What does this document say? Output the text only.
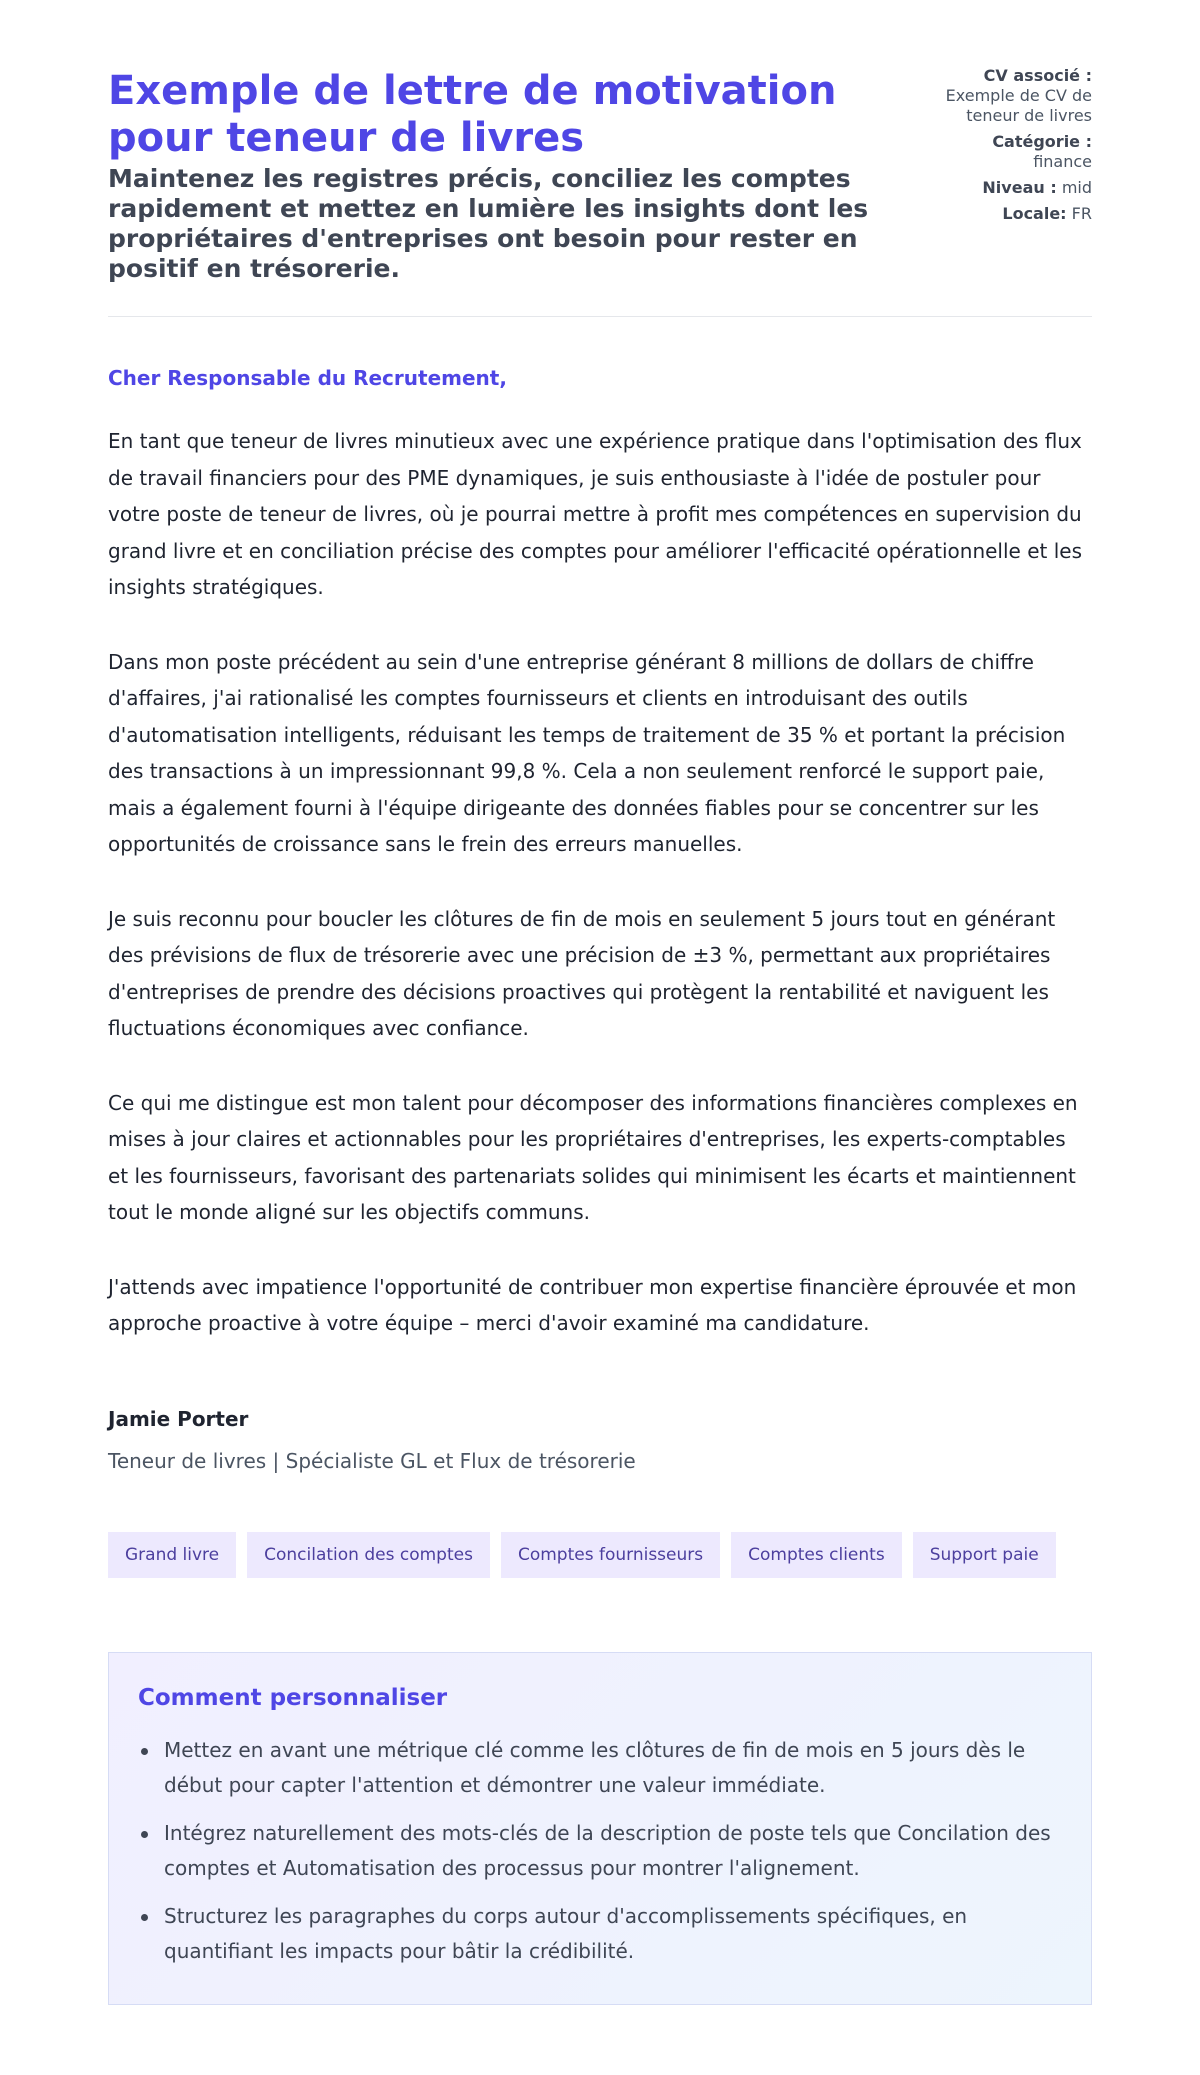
Exemple de lettre de motivation pour teneur de livres
Maintenez les registres précis, conciliez les comptes rapidement et mettez en lumière les insights dont les propriétaires d'entreprises ont besoin pour rester en positif en trésorerie.
CV associé :
Exemple de CV de teneur de livres
Catégorie :
finance
Niveau : mid
Locale: FR

Cher Responsable du Recrutement,

En tant que teneur de livres minutieux avec une expérience pratique dans l'optimisation des flux de travail financiers pour des PME dynamiques, je suis enthousiaste à l'idée de postuler pour votre poste de teneur de livres, où je pourrai mettre à profit mes compétences en supervision du grand livre et en conciliation précise des comptes pour améliorer l'efficacité opérationnelle et les insights stratégiques.

Dans mon poste précédent au sein d'une entreprise générant 8 millions de dollars de chiffre d'affaires, j'ai rationalisé les comptes fournisseurs et clients en introduisant des outils d'automatisation intelligents, réduisant les temps de traitement de 35 % et portant la précision des transactions à un impressionnant 99,8 %. Cela a non seulement renforcé le support paie, mais a également fourni à l'équipe dirigeante des données fiables pour se concentrer sur les opportunités de croissance sans le frein des erreurs manuelles.

Je suis reconnu pour boucler les clôtures de fin de mois en seulement 5 jours tout en générant des prévisions de flux de trésorerie avec une précision de ±3 %, permettant aux propriétaires d'entreprises de prendre des décisions proactives qui protègent la rentabilité et naviguent les fluctuations économiques avec confiance.

Ce qui me distingue est mon talent pour décomposer des informations financières complexes en mises à jour claires et actionnables pour les propriétaires d'entreprises, les experts-comptables et les fournisseurs, favorisant des partenariats solides qui minimisent les écarts et maintiennent tout le monde aligné sur les objectifs communs.

J'attends avec impatience l'opportunité de contribuer mon expertise financière éprouvée et mon approche proactive à votre équipe – merci d'avoir examiné ma candidature.

Jamie Porter

Teneur de livres | Spécialiste GL et Flux de trésorerie

Grand livre	Concilation des comptes	Comptes fournisseurs	Comptes clients	Support paie
Comment personnaliser
Mettez en avant une métrique clé comme les clôtures de fin de mois en 5 jours dès le début pour capter l'attention et démontrer une valeur immédiate.
Intégrez naturellement des mots-clés de la description de poste tels que Concilation des comptes et Automatisation des processus pour montrer l'alignement.
Structurez les paragraphes du corps autour d'accomplissements spécifiques, en quantifiant les impacts pour bâtir la crédibilité.
